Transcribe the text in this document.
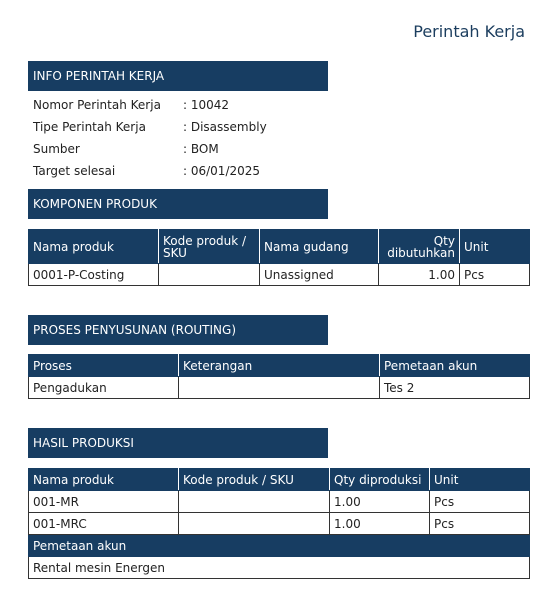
Perintah Kerja
INFO PERINTAH KERJA
Nomor Perintah Kerja	: 10042
Tipe Perintah Kerja	: Disassembly
Sumber	: BOM
Target selesai	: 06/01/2025
KOMPONEN PRODUK
Nama produk	Kode produk / SKU	Nama gudang	Qty dibutuhkan	Unit
0001-P-Costing		Unassigned	1.00	Pcs
PROSES PENYUSUNAN (ROUTING)
Proses	Keterangan	Pemetaan akun
Pengadukan		Tes 2
HASIL PRODUKSI
Nama produk	Kode produk / SKU	Qty diproduksi	Unit
001-MR		1.00	Pcs
001-MRC		1.00	Pcs
Pemetaan akun			
Rental mesin Energen			
